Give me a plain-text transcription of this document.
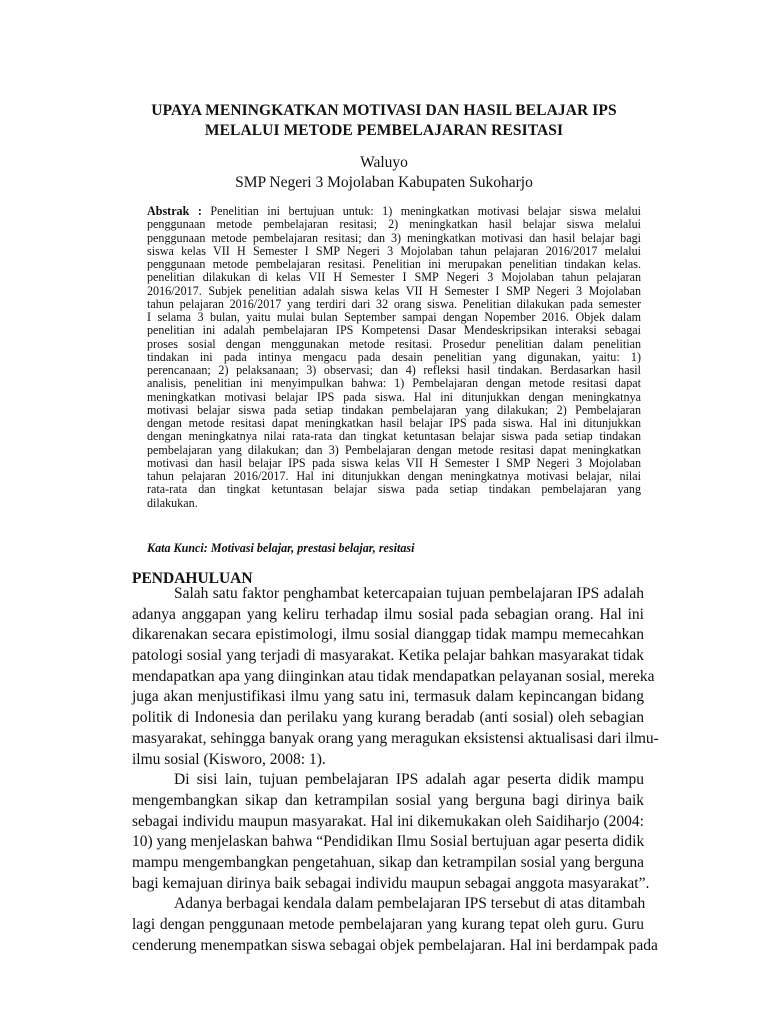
UPAYA MENINGKATKAN MOTIVASI DAN HASIL BELAJAR IPS
MELALUI METODE PEMBELAJARAN RESITASI
Waluyo
SMP Negeri 3 Mojolaban Kabupaten Sukoharjo
Abstrak : Penelitian ini bertujuan untuk: 1) meningkatkan motivasi belajar siswa melalui
penggunaan metode pembelajaran resitasi; 2) meningkatkan hasil belajar siswa melalui
penggunaan metode pembelajaran resitasi; dan 3) meningkatkan motivasi dan hasil belajar bagi
siswa kelas VII H Semester I SMP Negeri 3 Mojolaban tahun pelajaran 2016/2017 melalui
penggunaan metode pembelajaran resitasi. Penelitian ini merupakan penelitian tindakan kelas.
penelitian dilakukan di kelas VII H Semester I SMP Negeri 3 Mojolaban tahun pelajaran
2016/2017. Subjek penelitian adalah siswa kelas VII H Semester I SMP Negeri 3 Mojolaban
tahun pelajaran 2016/2017 yang terdiri dari 32 orang siswa. Penelitian dilakukan pada semester
I selama 3 bulan, yaitu mulai bulan September sampai dengan Nopember 2016. Objek dalam
penelitian ini adalah pembelajaran IPS Kompetensi Dasar Mendeskripsikan interaksi sebagai
proses sosial dengan menggunakan metode resitasi. Prosedur penelitian dalam penelitian
tindakan ini pada intinya mengacu pada desain penelitian yang digunakan, yaitu: 1)
perencanaan; 2) pelaksanaan; 3) observasi; dan 4) refleksi hasil tindakan. Berdasarkan hasil
analisis, penelitian ini menyimpulkan bahwa: 1) Pembelajaran dengan metode resitasi dapat
meningkatkan motivasi belajar IPS pada siswa. Hal ini ditunjukkan dengan meningkatnya
motivasi belajar siswa pada setiap tindakan pembelajaran yang dilakukan; 2) Pembelajaran
dengan metode resitasi dapat meningkatkan hasil belajar IPS pada siswa. Hal ini ditunjukkan
dengan meningkatnya nilai rata-rata dan tingkat ketuntasan belajar siswa pada setiap tindakan
pembelajaran yang dilakukan; dan 3) Pembelajaran dengan metode resitasi dapat meningkatkan
motivasi dan hasil belajar IPS pada siswa kelas VII H Semester I SMP Negeri 3 Mojolaban
tahun pelajaran 2016/2017. Hal ini ditunjukkan dengan meningkatnya motivasi belajar, nilai
rata-rata dan tingkat ketuntasan belajar siswa pada setiap tindakan pembelajaran yang
dilakukan.
Kata Kunci: Motivasi belajar, prestasi belajar, resitasi
PENDAHULUAN
Salah satu faktor penghambat ketercapaian tujuan pembelajaran IPS adalah
adanya anggapan yang keliru terhadap ilmu sosial pada sebagian orang. Hal ini
dikarenakan secara epistimologi, ilmu sosial dianggap tidak mampu memecahkan
patologi sosial yang terjadi di masyarakat. Ketika pelajar bahkan masyarakat tidak
mendapatkan apa yang diinginkan atau tidak mendapatkan pelayanan sosial, mereka
juga akan menjustifikasi ilmu yang satu ini, termasuk dalam kepincangan bidang
politik di Indonesia dan perilaku yang kurang beradab (anti sosial) oleh sebagian
masyarakat, sehingga banyak orang yang meragukan eksistensi aktualisasi dari ilmu-
ilmu sosial (Kisworo, 2008: 1).
Di sisi lain, tujuan pembelajaran IPS adalah agar peserta didik mampu
mengembangkan sikap dan ketrampilan sosial yang berguna bagi dirinya baik
sebagai individu maupun masyarakat. Hal ini dikemukakan oleh Saidiharjo (2004:
10) yang menjelaskan bahwa “Pendidikan Ilmu Sosial bertujuan agar peserta didik
mampu mengembangkan pengetahuan, sikap dan ketrampilan sosial yang berguna
bagi kemajuan dirinya baik sebagai individu maupun sebagai anggota masyarakat”.
Adanya berbagai kendala dalam pembelajaran IPS tersebut di atas ditambah
lagi dengan penggunaan metode pembelajaran yang kurang tepat oleh guru. Guru
cenderung menempatkan siswa sebagai objek pembelajaran. Hal ini berdampak pada
